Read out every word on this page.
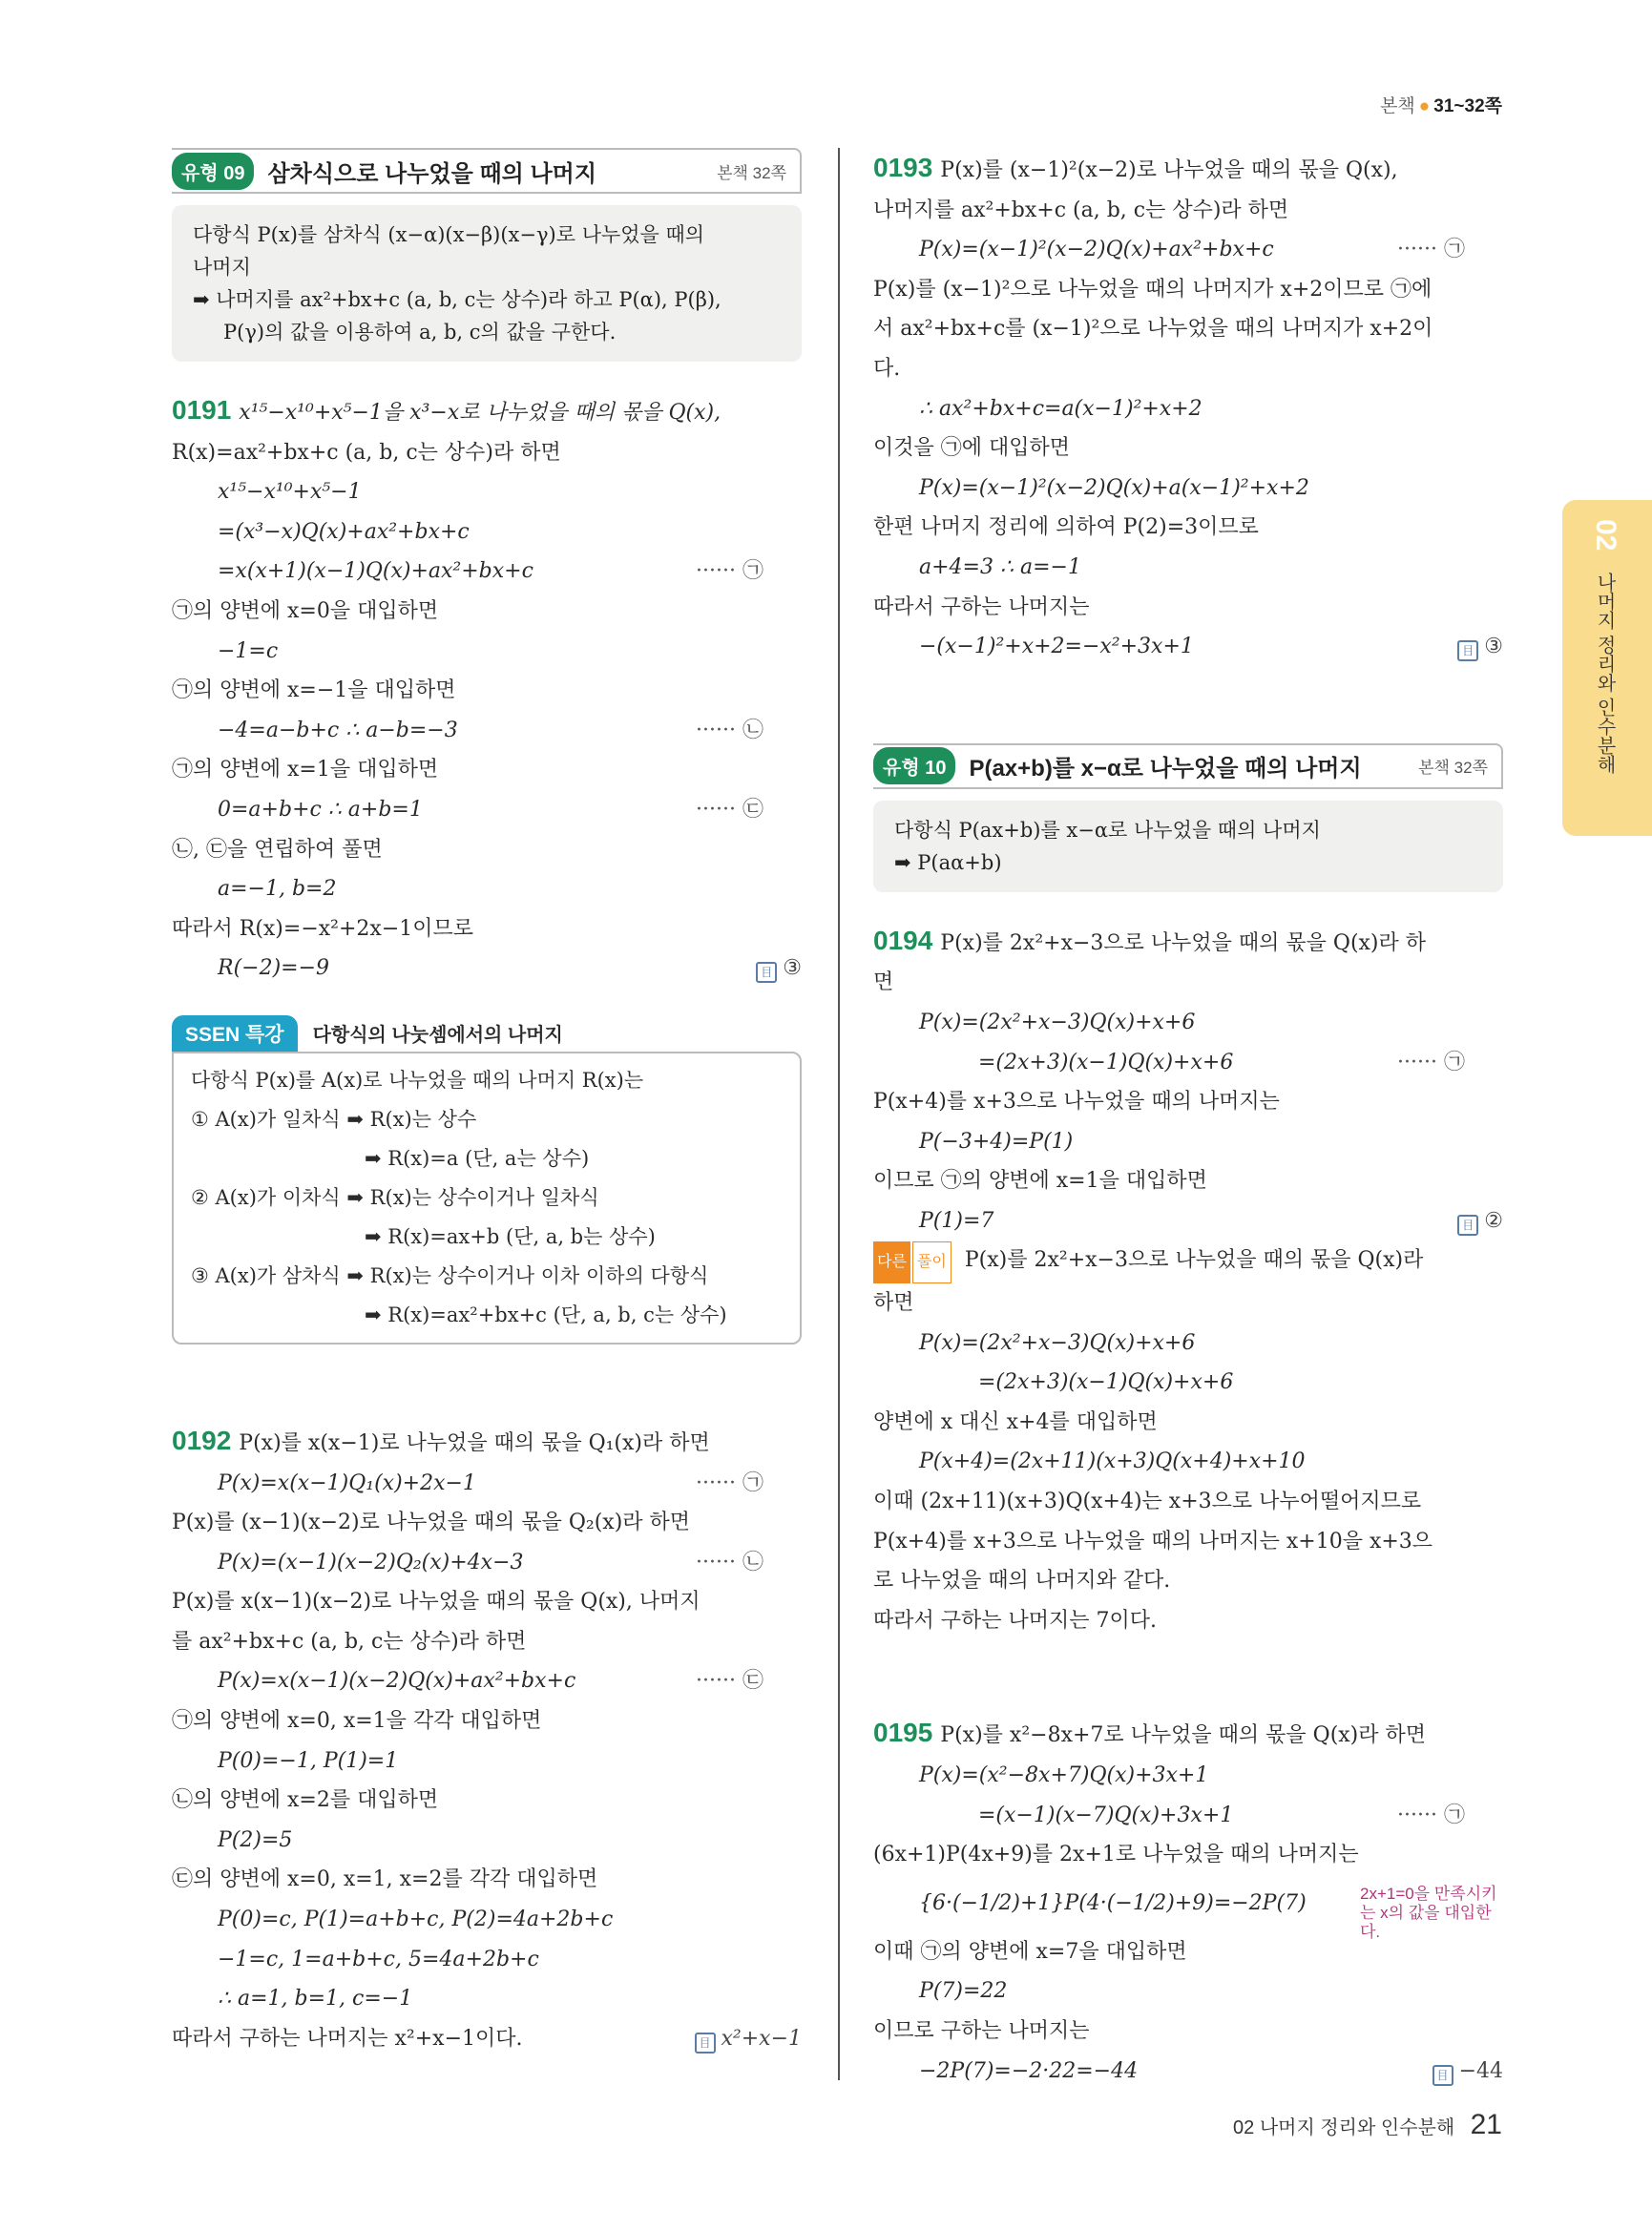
본책 ● 31~32쪽
유형 09	삼차식으로 나누었을 때의 나머지	본책 32쪽
다항식 P(x)를 삼차식 (x−α)(x−β)(x−γ)로 나누었을 때의
나머지
➡ 나머지를 ax²+bx+c (a, b, c는 상수)라 하고 P(α), P(β),
P(γ)의 값을 이용하여 a, b, c의 값을 구한다.
0191 x¹⁵−x¹⁰+x⁵−1을 x³−x로 나누었을 때의 몫을 Q(x),
R(x)=ax²+bx+c (a, b, c는 상수)라 하면
x¹⁵−x¹⁰+x⁵−1
=(x³−x)Q(x)+ax²+bx+c
=x(x+1)(x−1)Q(x)+ax²+bx+c	······ ㉠
㉠의 양변에 x=0을 대입하면
−1=c
㉠의 양변에 x=−1을 대입하면
−4=a−b+c ∴ a−b=−3	······ ㉡
㉠의 양변에 x=1을 대입하면
0=a+b+c ∴ a+b=1	······ ㉢
㉡, ㉢을 연립하여 풀면
a=−1, b=2
따라서 R(x)=−x²+2x−1이므로
R(−2)=−9	目 ③
SSEN 특강	다항식의 나눗셈에서의 나머지
다항식 P(x)를 A(x)로 나누었을 때의 나머지 R(x)는
① A(x)가 일차식 ➡ R(x)는 상수
➡ R(x)=a (단, a는 상수)
② A(x)가 이차식 ➡ R(x)는 상수이거나 일차식
➡ R(x)=ax+b (단, a, b는 상수)
③ A(x)가 삼차식 ➡ R(x)는 상수이거나 이차 이하의 다항식
➡ R(x)=ax²+bx+c (단, a, b, c는 상수)
0192 P(x)를 x(x−1)로 나누었을 때의 몫을 Q₁(x)라 하면
P(x)=x(x−1)Q₁(x)+2x−1	······ ㉠
P(x)를 (x−1)(x−2)로 나누었을 때의 몫을 Q₂(x)라 하면
P(x)=(x−1)(x−2)Q₂(x)+4x−3	······ ㉡
P(x)를 x(x−1)(x−2)로 나누었을 때의 몫을 Q(x), 나머지
를 ax²+bx+c (a, b, c는 상수)라 하면
P(x)=x(x−1)(x−2)Q(x)+ax²+bx+c	······ ㉢
㉠의 양변에 x=0, x=1을 각각 대입하면
P(0)=−1, P(1)=1
㉡의 양변에 x=2를 대입하면
P(2)=5
㉢의 양변에 x=0, x=1, x=2를 각각 대입하면
P(0)=c, P(1)=a+b+c, P(2)=4a+2b+c
−1=c, 1=a+b+c, 5=4a+2b+c
∴ a=1, b=1, c=−1
따라서 구하는 나머지는 x²+x−1이다.	目 x²+x−1
0193 P(x)를 (x−1)²(x−2)로 나누었을 때의 몫을 Q(x),
나머지를 ax²+bx+c (a, b, c는 상수)라 하면
P(x)=(x−1)²(x−2)Q(x)+ax²+bx+c	······ ㉠
P(x)를 (x−1)²으로 나누었을 때의 나머지가 x+2이므로 ㉠에
서 ax²+bx+c를 (x−1)²으로 나누었을 때의 나머지가 x+2이
다.
∴ ax²+bx+c=a(x−1)²+x+2
이것을 ㉠에 대입하면
P(x)=(x−1)²(x−2)Q(x)+a(x−1)²+x+2
한편 나머지 정리에 의하여 P(2)=3이므로
a+4=3 ∴ a=−1
따라서 구하는 나머지는
−(x−1)²+x+2=−x²+3x+1	目 ③
유형 10	P(ax+b)를 x−α로 나누었을 때의 나머지	본책 32쪽
다항식 P(ax+b)를 x−α로 나누었을 때의 나머지
➡ P(aα+b)
0194 P(x)를 2x²+x−3으로 나누었을 때의 몫을 Q(x)라 하
면
P(x)=(2x²+x−3)Q(x)+x+6
=(2x+3)(x−1)Q(x)+x+6	······ ㉠
P(x+4)를 x+3으로 나누었을 때의 나머지는
P(−3+4)=P(1)
이므로 ㉠의 양변에 x=1을 대입하면
P(1)=7	目 ②
다른 풀이 P(x)를 2x²+x−3으로 나누었을 때의 몫을 Q(x)라
하면
P(x)=(2x²+x−3)Q(x)+x+6
=(2x+3)(x−1)Q(x)+x+6
양변에 x 대신 x+4를 대입하면
P(x+4)=(2x+11)(x+3)Q(x+4)+x+10
이때 (2x+11)(x+3)Q(x+4)는 x+3으로 나누어떨어지므로
P(x+4)를 x+3으로 나누었을 때의 나머지는 x+10을 x+3으
로 나누었을 때의 나머지와 같다.
따라서 구하는 나머지는 7이다.
0195 P(x)를 x²−8x+7로 나누었을 때의 몫을 Q(x)라 하면
P(x)=(x²−8x+7)Q(x)+3x+1
=(x−1)(x−7)Q(x)+3x+1	······ ㉠
(6x+1)P(4x+9)를 2x+1로 나누었을 때의 나머지는
{6·(−1/2)+1}P(4·(−1/2)+9)=−2P(7)	2x+1=0을 만족시키는 x의 값을 대입한다.
이때 ㉠의 양변에 x=7을 대입하면
P(7)=22
이므로 구하는 나머지는
−2P(7)=−2·22=−44	目 −44
02
나머지 정리와 인수분해
02 나머지 정리와 인수분해 21
